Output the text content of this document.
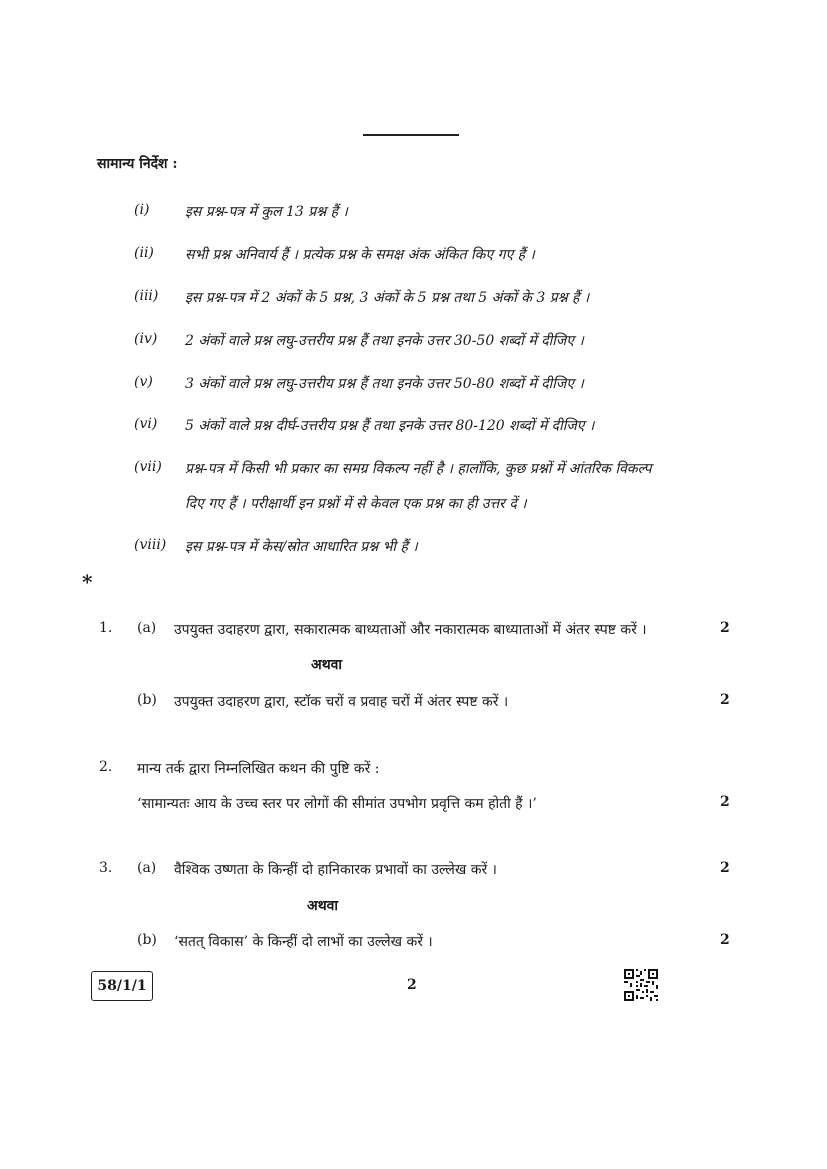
सामान्य निर्देश :
(i)	इस प्रश्न-पत्र में कुल 13 प्रश्न हैं ।
(ii) सभी प्रश्न अनिवार्य हैं । प्रत्येक प्रश्न के समक्ष अंक अंकित किए गए हैं ।
(iii) इस प्रश्न-पत्र में 2 अंकों के 5 प्रश्न, 3 अंकों के 5 प्रश्न तथा 5 अंकों के 3 प्रश्न हैं ।
(iv) 2 अंकों वाले प्रश्न लघु-उत्तरीय प्रश्न हैं तथा इनके उत्तर 30-50 शब्दों में दीजिए ।
(v) 3 अंकों वाले प्रश्न लघु-उत्तरीय प्रश्न हैं तथा इनके उत्तर 50-80 शब्दों में दीजिए ।
(vi) 5 अंकों वाले प्रश्न दीर्घ-उत्तरीय प्रश्न हैं तथा इनके उत्तर 80-120 शब्दों में दीजिए ।
(vii) प्रश्न-पत्र में किसी भी प्रकार का समग्र विकल्प नहीं है । हालाँकि, कुछ प्रश्नों में आंतरिक विकल्प
दिए गए हैं । परीक्षार्थी इन प्रश्नों में से केवल एक प्रश्न का ही उत्तर दें ।
(viii) इस प्रश्न-पत्र में केस/स्रोत आधारित प्रश्न भी हैं ।
*
1. (a) उपयुक्त उदाहरण द्वारा, सकारात्मक बाध्यताओं और नकारात्मक बाध्याताओं में अंतर स्पष्ट करें ।	2
अथवा
(b) उपयुक्त उदाहरण द्वारा, स्टॉक चरों व प्रवाह चरों में अंतर स्पष्ट करें ।	2
2. मान्य तर्क द्वारा निम्नलिखित कथन की पुष्टि करें :
‘सामान्यतः आय के उच्च स्तर पर लोगों की सीमांत उपभोग प्रवृत्ति कम होती हैं ।’	2
3. (a) वैश्विक उष्णता के किन्हीं दो हानिकारक प्रभावों का उल्लेख करें ।	2
अथवा
(b) ‘सतत् विकास’ के किन्हीं दो लाभों का उल्लेख करें ।	2
58/1/1	2
